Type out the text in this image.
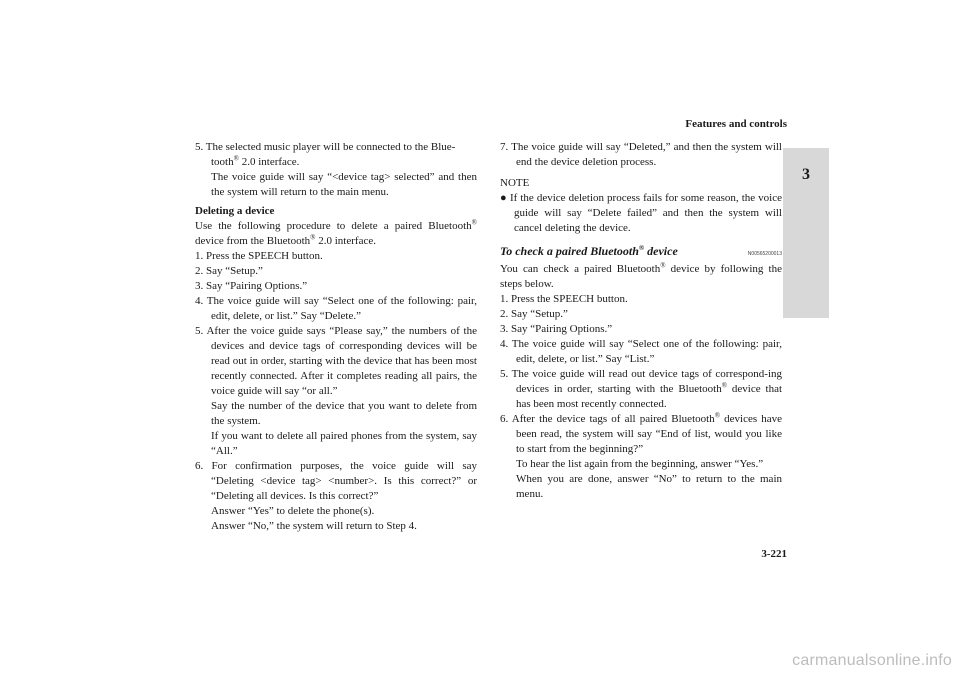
Features and controls
3

5. The selected music player will be connected to the Blue-
tooth® 2.0 interface.

The voice guide will say “<device tag> selected” and then the system will return to the main menu.

Deleting a device

Use the following procedure to delete a paired Bluetooth® device from the Bluetooth® 2.0 interface.

1. Press the SPEECH button.

2. Say “Setup.”

3. Say “Pairing Options.”

4. The voice guide will say “Select one of the following: pair, edit, delete, or list.” Say “Delete.”

5. After the voice guide says “Please say,” the numbers of the devices and device tags of corresponding devices will be read out in order, starting with the device that has been most recently connected. After it completes reading all pairs, the voice guide will say “or all.”

Say the number of the device that you want to delete from the system.

If you want to delete all paired phones from the system, say “All.”

6. For confirmation purposes, the voice guide will say “Deleting <device tag> <number>. Is this correct?” or “Deleting all devices. Is this correct?”

Answer “Yes” to delete the phone(s).

Answer “No,” the system will return to Step 4.

7. The voice guide will say “Deleted,” and then the system will end the device deletion process.

NOTE

● If the device deletion process fails for some reason, the voice guide will say “Delete failed” and then the system will cancel deleting the device.

To check a paired Bluetooth® device	N00565200013

You can check a paired Bluetooth® device by following the steps below.

1. Press the SPEECH button.

2. Say “Setup.”

3. Say “Pairing Options.”

4. The voice guide will say “Select one of the following: pair, edit, delete, or list.” Say “List.”

5. The voice guide will read out device tags of correspond-ing devices in order, starting with the Bluetooth® device that has been most recently connected.

6. After the device tags of all paired Bluetooth® devices have been read, the system will say “End of list, would you like to start from the beginning?”

To hear the list again from the beginning, answer “Yes.”

When you are done, answer “No” to return to the main menu.

3-221
carmanualsonline.info
